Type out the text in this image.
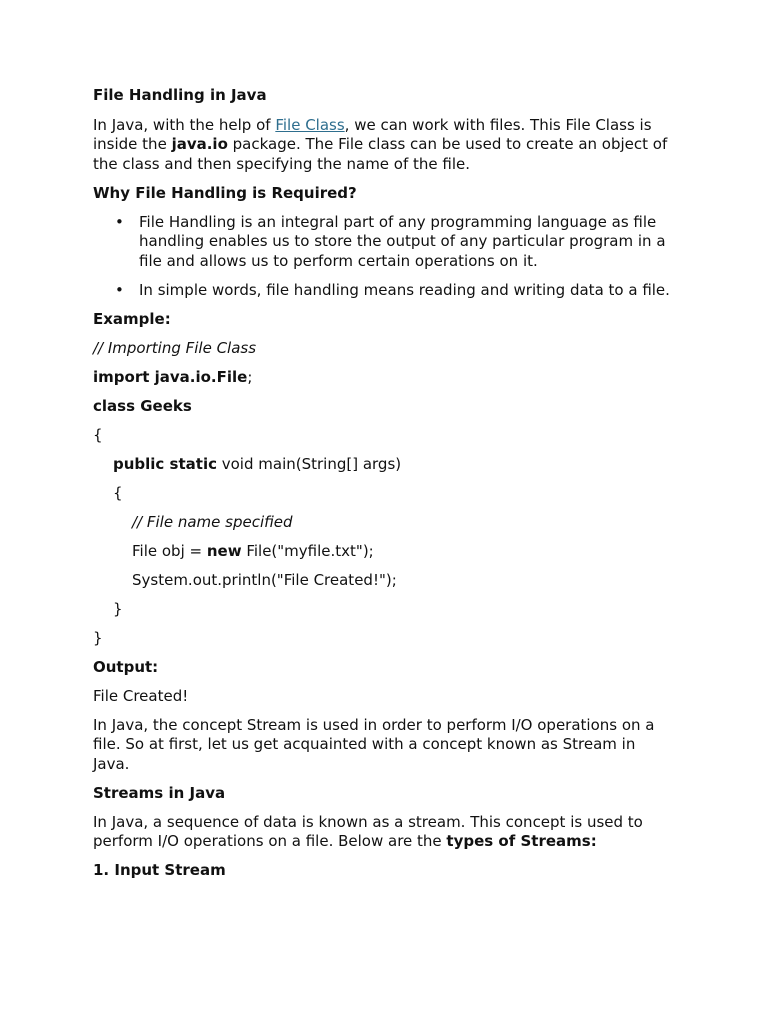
File Handling in Java

In Java, with the help of File Class, we can work with files. This File Class is inside the java.io package. The File class can be used to create an object of the class and then specifying the name of the file.

Why File Handling is Required?

• File Handling is an integral part of any programming language as file handling enables us to store the output of any particular program in a file and allows us to perform certain operations on it.
• In simple words, file handling means reading and writing data to a file.

Example:

// Importing File Class

import java.io.File;

class Geeks

{

public static void main(String[] args)

{

// File name specified

File obj = new File("myfile.txt");

System.out.println("File Created!");

}

}

Output:

File Created!

In Java, the concept Stream is used in order to perform I/O operations on a file. So at first, let us get acquainted with a concept known as Stream in Java.

Streams in Java

In Java, a sequence of data is known as a stream. This concept is used to perform I/O operations on a file. Below are the types of Streams:

1. Input Stream
